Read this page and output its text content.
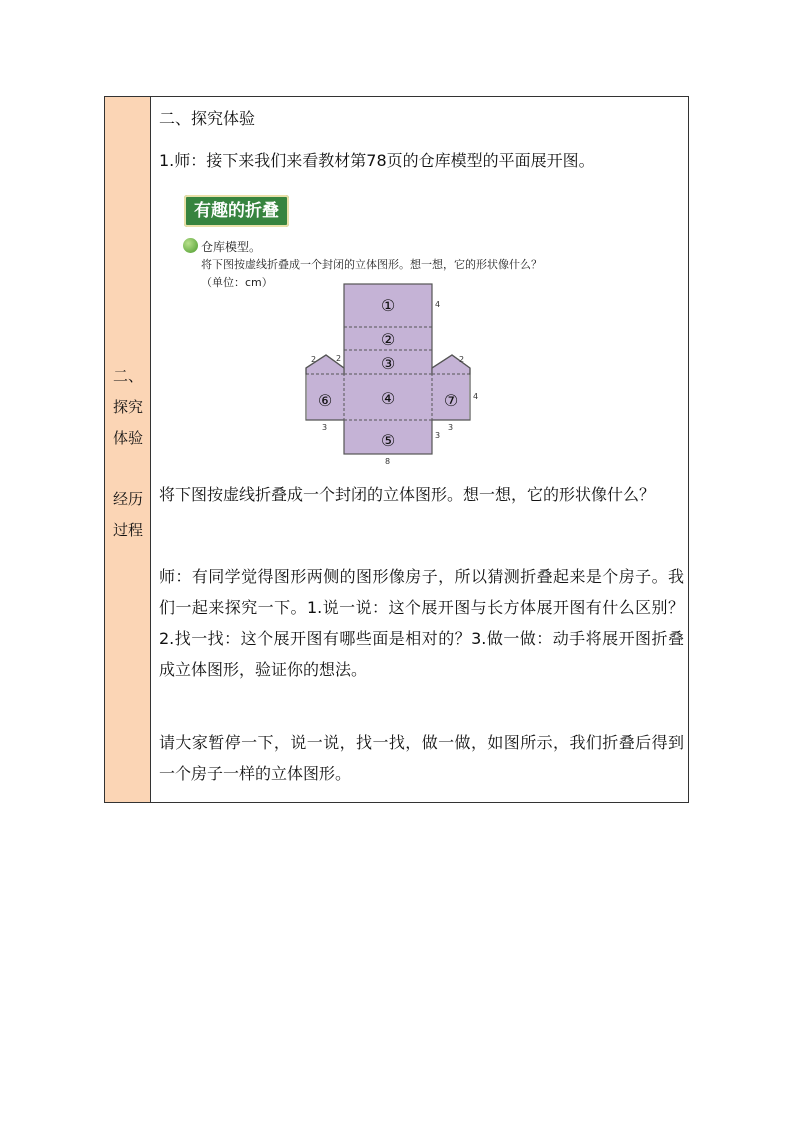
二、
探究
体验
经历
过程
二、探究体验
1.师：接下来我们来看教材第78页的仓库模型的平面展开图。
有趣的折叠
仓库模型。
将下图按虚线折叠成一个封闭的立体图形。想一想，它的形状像什么？
（单位：cm）
①
②
③
④
⑤
⑥	⑦
4
2 2	2
4
3
3
3
8
将下图按虚线折叠成一个封闭的立体图形。想一想，它的形状像什么？
师：有同学觉得图形两侧的图形像房子，所以猜测折叠起来是个房子。我们一起来探究一下。1.说一说：这个展开图与长方体展开图有什么区别？2.找一找：这个展开图有哪些面是相对的？3.做一做：动手将展开图折叠成立体图形，验证你的想法。
请大家暂停一下，说一说，找一找，做一做，如图所示，我们折叠后得到一个房子一样的立体图形。
